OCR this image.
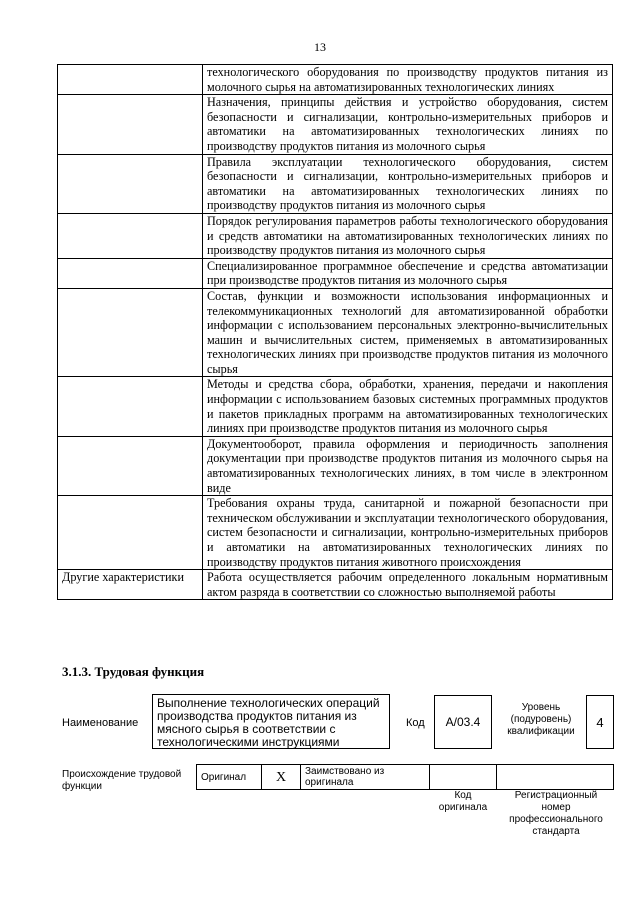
13
	технологического оборудования по производству продуктов питания из молочного сырья на автоматизированных технологических линиях
	Назначения, принципы действия и устройство оборудования, систем безопасности и сигнализации, контрольно-измерительных приборов и автоматики на автоматизированных технологических линиях по производству продуктов питания из молочного сырья
	Правила эксплуатации технологического оборудования, систем безопасности и сигнализации, контрольно-измерительных приборов и автоматики на автоматизированных технологических линиях по производству продуктов питания из молочного сырья
	Порядок регулирования параметров работы технологического оборудования и средств автоматики на автоматизированных технологических линиях по производству продуктов питания из молочного сырья
	Специализированное программное обеспечение и средства автоматизации при производстве продуктов питания из молочного сырья
	Состав, функции и возможности использования информационных и телекоммуникационных технологий для автоматизированной обработки информации с использованием персональных электронно-вычислительных машин и вычислительных систем, применяемых в автоматизированных технологических линиях при производстве продуктов питания из молочного сырья
	Методы и средства сбора, обработки, хранения, передачи и накопления информации с использованием базовых системных программных продуктов и пакетов прикладных программ на автоматизированных технологических линиях при производстве продуктов питания из молочного сырья
	Документооборот, правила оформления и периодичность заполнения документации при производстве продуктов питания из молочного сырья на автоматизированных технологических линиях, в том числе в электронном виде
	Требования охраны труда, санитарной и пожарной безопасности при техническом обслуживании и эксплуатации технологического оборудования, систем безопасности и сигнализации, контрольно-измерительных приборов и автоматики на автоматизированных технологических линиях по производству продуктов питания животного происхождения
Другие характеристики	Работа осуществляется рабочим определенного локальным нормативным актом разряда в соответствии со сложностью выполняемой работы
3.1.3. Трудовая функция
Наименование
Выполнение технологических операций производства продуктов питания из мясного сырья в соответствии с технологическими инструкциями
Код	A/03.4
Уровень (подуровень) квалификации
4
Происхождение трудовой функции
Оригинал	X	Заимствовано из оригинала		
Код оригинала
Регистрационный номер профессионального стандарта
